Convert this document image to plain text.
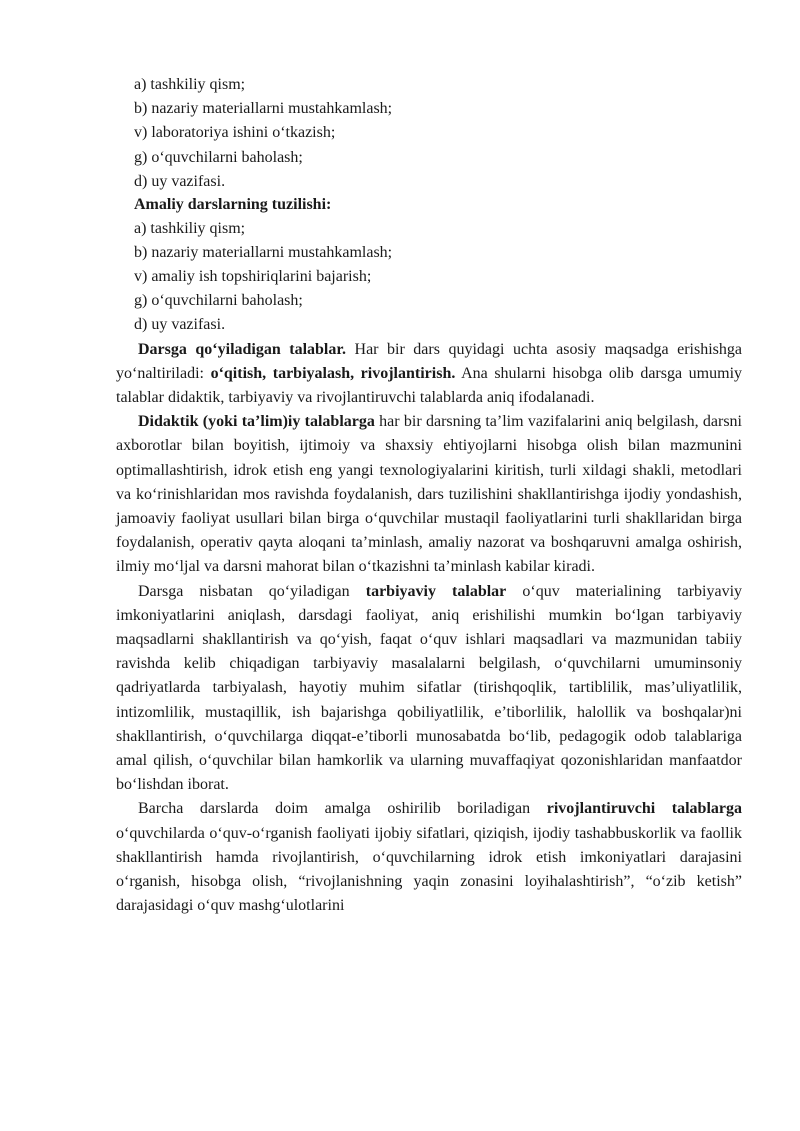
a) tashkiliy qism;
b) nazariy materiallarni mustahkamlash;
v) laboratoriya ishini o‘tkazish;
g) o‘quvchilarni baholash;
d) uy vazifasi.
Amaliy darslarning tuzilishi:
a) tashkiliy qism;
b) nazariy materiallarni mustahkamlash;
v) amaliy ish topshiriqlarini bajarish;
g) o‘quvchilarni baholash;
d) uy vazifasi.

Darsga qo‘yiladigan talablar. Har bir dars quyidagi uchta asosiy maqsadga erishishga yo‘naltiriladi: o‘qitish, tarbiyalash, rivojlantirish. Ana shularni hisobga olib darsga umumiy talablar didaktik, tarbiyaviy va rivojlantiruvchi talablarda aniq ifodalanadi.

Didaktik (yoki ta’lim)iy talablarga har bir darsning ta’lim vazifalarini aniq belgilash, darsni axborotlar bilan boyitish, ijtimoiy va shaxsiy ehtiyojlarni hisobga olish bilan mazmunini optimallashtirish, idrok etish eng yangi texnologiyalarini kiritish, turli xildagi shakli, metodlari va ko‘rinishlaridan mos ravishda foydalanish, dars tuzilishini shakllantirishga ijodiy yondashish, jamoaviy faoliyat usullari bilan birga o‘quvchilar mustaqil faoliyatlarini turli shakllaridan birga foydalanish, operativ qayta aloqani ta’minlash, amaliy nazorat va boshqaruvni amalga oshirish, ilmiy mo‘ljal va darsni mahorat bilan o‘tkazishni ta’minlash kabilar kiradi.

Darsga nisbatan qo‘yiladigan tarbiyaviy talablar o‘quv materialining tarbiyaviy imkoniyatlarini aniqlash, darsdagi faoliyat, aniq erishilishi mumkin bo‘lgan tarbiyaviy maqsadlarni shakllantirish va qo‘yish, faqat o‘quv ishlari maqsadlari va mazmunidan tabiiy ravishda kelib chiqadigan tarbiyaviy masalalarni belgilash, o‘quvchilarni umuminsoniy qadriyatlarda tarbiyalash, hayotiy muhim sifatlar (tirishqoqlik, tartiblilik, mas’uliyatlilik, intizomlilik, mustaqillik, ish bajarishga qobiliyatlilik, e’tiborlilik, halollik va boshqalar)ni shakllantirish, o‘quvchilarga diqqat-e’tiborli munosabatda bo‘lib, pedagogik odob talablariga amal qilish, o‘quvchilar bilan hamkorlik va ularning muvaffaqiyat qozonishlaridan manfaatdor bo‘lishdan iborat.

Barcha darslarda doim amalga oshirilib boriladigan rivojlantiruvchi talablarga o‘quvchilarda o‘quv-o‘rganish faoliyati ijobiy sifatlari, qiziqish, ijodiy tashabbuskorlik va faollik shakllantirish hamda rivojlantirish, o‘quvchilarning idrok etish imkoniyatlari darajasini o‘rganish, hisobga olish, “rivojlanishning yaqin zonasini loyihalashtirish”, “o‘zib ketish” darajasidagi o‘quv mashg‘ulotlarini
